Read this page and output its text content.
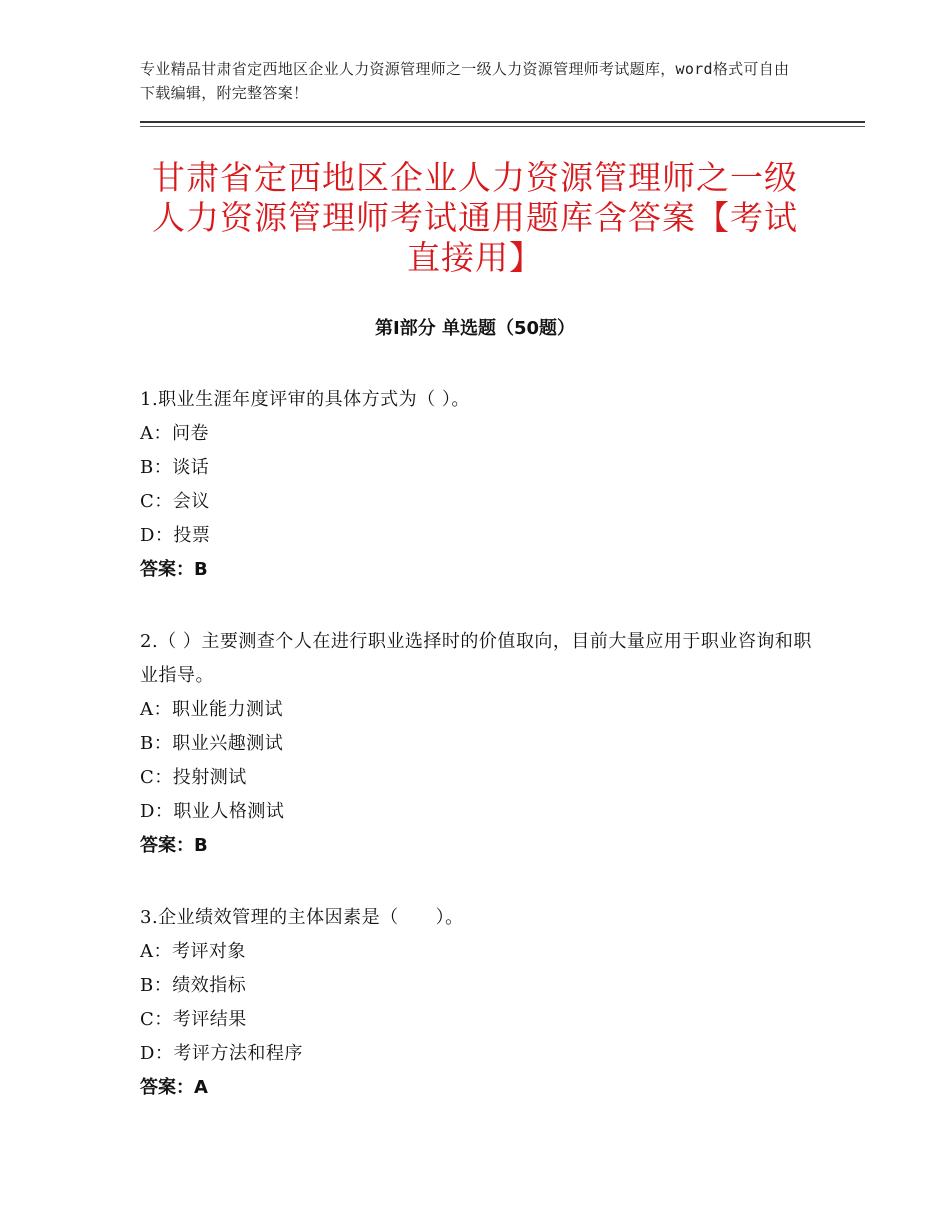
专业精品甘肃省定西地区企业人力资源管理师之一级人力资源管理师考试题库，word格式可自由下载编辑，附完整答案！
甘肃省定西地区企业人力资源管理师之一级人力资源管理师考试通用题库含答案【考试直接用】
第Ⅰ部分 单选题（50题）
1.职业生涯年度评审的具体方式为（ ）。
A：问卷
B：谈话
C：会议
D：投票
答案：B
2.（ ）主要测查个人在进行职业选择时的价值取向，目前大量应用于职业咨询和职业指导。
A：职业能力测试
B：职业兴趣测试
C：投射测试
D：职业人格测试
答案：B
3.企业绩效管理的主体因素是（　　）。
A：考评对象
B：绩效指标
C：考评结果
D：考评方法和程序
答案：A
